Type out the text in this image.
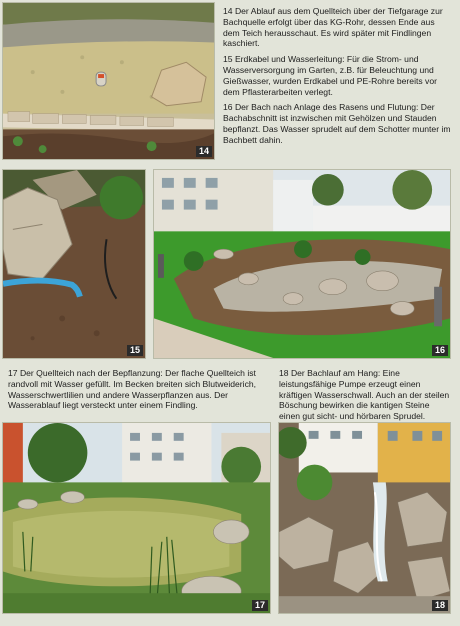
14

14 Der Ablauf aus dem Quellteich über der Tiefgarage zur Bachquelle erfolgt über das KG-Rohr, dessen Ende aus dem Teich herausschaut. Es wird später mit Findlingen kaschiert.

15 Erdkabel und Wasserleitung: Für die Strom- und Wasserversorgung im Garten, z.B. für Beleuchtung und Gießwasser, wurden Erdkabel und PE-Rohre bereits vor dem Pflasterarbeiten verlegt.

16 Der Bach nach Anlage des Rasens und Flutung: Der Bachabschnitt ist inzwischen mit Gehölzen und Stauden bepflanzt. Das Wasser sprudelt auf dem Schotter munter im Bachbett dahin.

15	16

17 Der Quellteich nach der Bepflanzung: Der flache Quellteich ist randvoll mit Wasser gefüllt. Im Becken breiten sich Blutweiderich, Wasserschwertlilien und andere Wasserpflanzen aus. Der Wasserablauf liegt versteckt unter einem Findling.

18 Der Bachlauf am Hang: Eine leistungsfähige Pumpe erzeugt einen kräftigen Wasserschwall. Auch an der steilen Böschung bewirken die kantigen Steine einen gut sicht- und hörbaren Sprudel.

17	18
